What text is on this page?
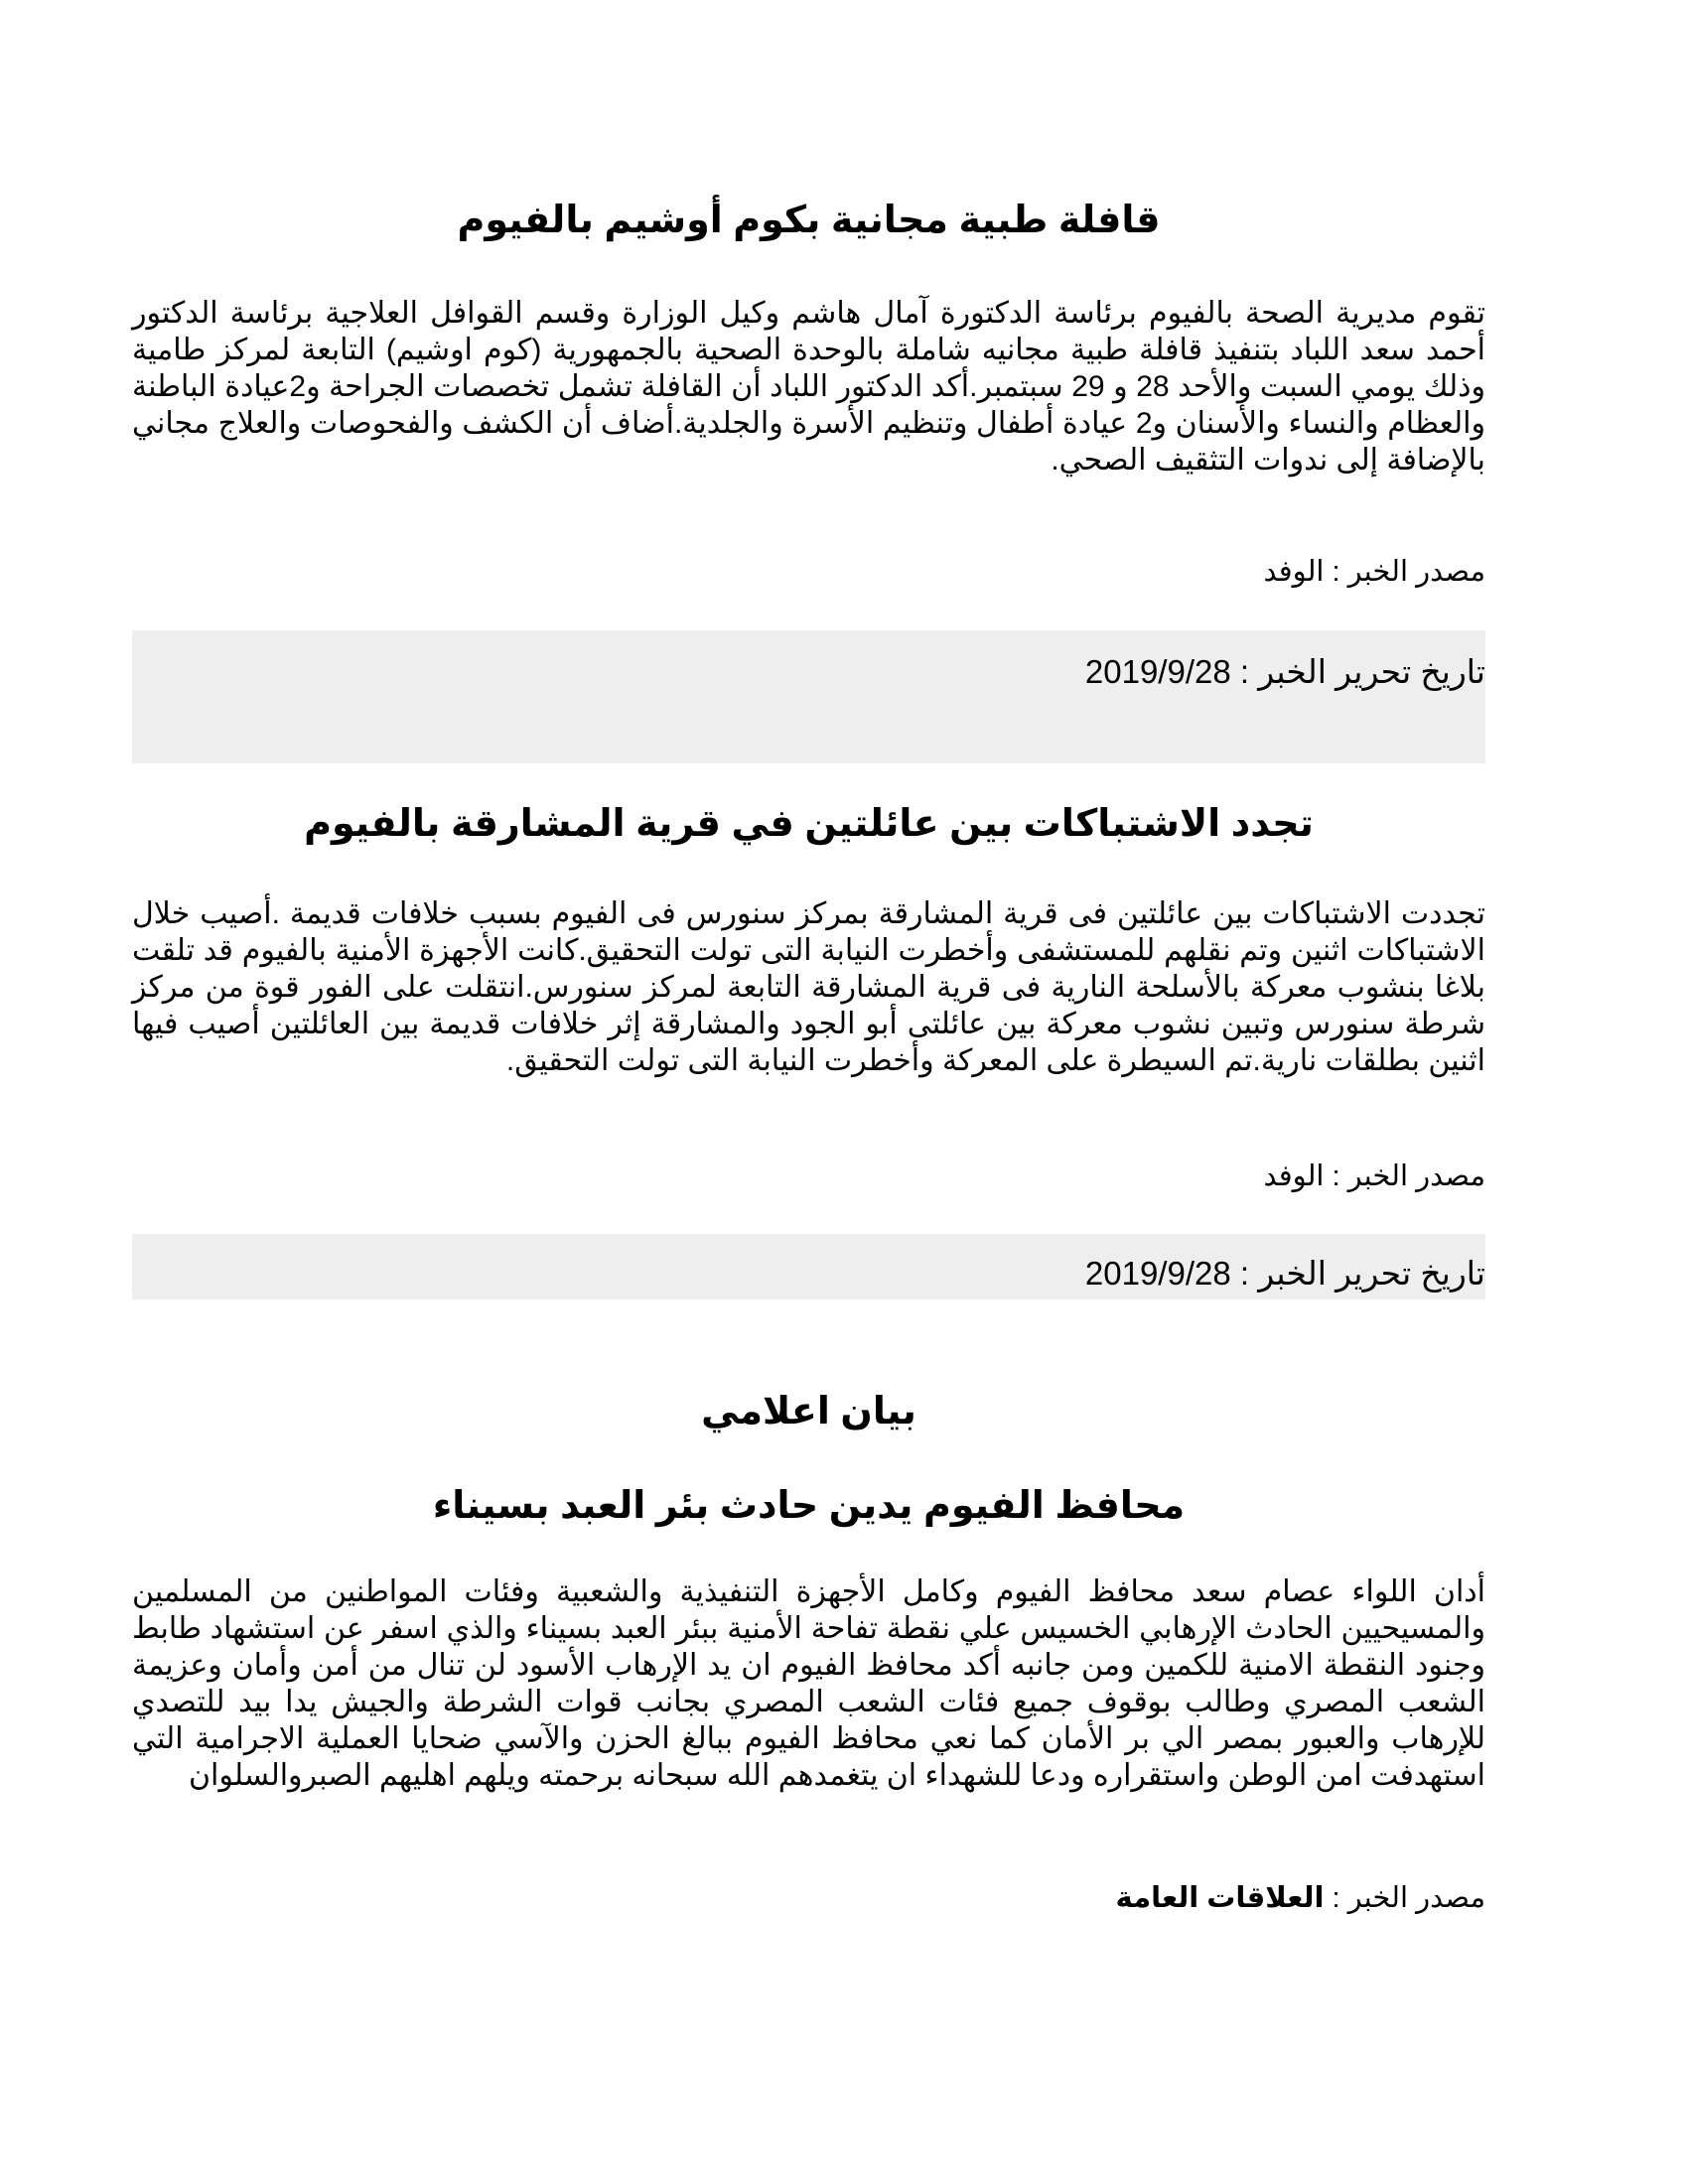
قافلة طبية مجانية بكوم أوشيم بالفيوم

تقوم مديرية الصحة بالفيوم برئاسة الدكتورة آمال هاشم وكيل الوزارة وقسم القوافل العلاجية برئاسة الدكتور أحمد سعد اللباد بتنفيذ قافلة طبية مجانيه شاملة بالوحدة الصحية بالجمهورية (كوم اوشيم) التابعة لمركز طامية وذلك يومي السبت والأحد 28 و 29 سبتمبر.أكد الدكتور اللباد أن القافلة تشمل تخصصات الجراحة و2عيادة الباطنة والعظام والنساء والأسنان و2 عيادة أطفال وتنظيم الأسرة والجلدية.أضاف أن الكشف والفحوصات والعلاج مجاني بالإضافة إلى ندوات التثقيف الصحي.

مصدر الخبر : الوفد
تاريخ تحرير الخبر : 2019/9/28
تجدد الاشتباكات بين عائلتين في قرية المشارقة بالفيوم

تجددت الاشتباكات بين عائلتين فى قرية المشارقة بمركز سنورس فى الفيوم بسبب خلافات قديمة .أصيب خلال الاشتباكات اثنين وتم نقلهم للمستشفى وأخطرت النيابة التى تولت التحقيق.كانت الأجهزة الأمنية بالفيوم قد تلقت بلاغا بنشوب معركة بالأسلحة النارية فى قرية المشارقة التابعة لمركز سنورس.انتقلت على الفور قوة من مركز شرطة سنورس وتبين نشوب معركة بين عائلتى أبو الجود والمشارقة إثر خلافات قديمة بين العائلتين أصيب فيها اثنين بطلقات نارية.تم السيطرة على المعركة وأخطرت النيابة التى تولت التحقيق.

مصدر الخبر : الوفد
تاريخ تحرير الخبر : 2019/9/28
بيان اعلامي
محافظ الفيوم يدين حادث بئر العبد بسيناء

أدان اللواء عصام سعد محافظ الفيوم وكامل الأجهزة التنفيذية والشعبية وفئات المواطنين من المسلمين والمسيحيين الحادث الإرهابي الخسيس علي نقطة تفاحة الأمنية ببئر العبد بسيناء والذي اسفر عن استشهاد طابط وجنود النقطة الامنية للكمين ومن جانبه أكد محافظ الفيوم ان يد الإرهاب الأسود لن تنال من أمن وأمان وعزيمة الشعب المصري وطالب بوقوف جميع فئات الشعب المصري بجانب قوات الشرطة والجيش يدا بيد للتصدي للإرهاب والعبور بمصر الي بر الأمان كما نعي محافظ الفيوم ببالغ الحزن والآسي ضحايا العملية الاجرامية التي استهدفت امن الوطن واستقراره ودعا للشهداء ان يتغمدهم الله سبحانه برحمته ويلهم اهليهم الصبروالسلوان

مصدر الخبر : العلاقات العامة
